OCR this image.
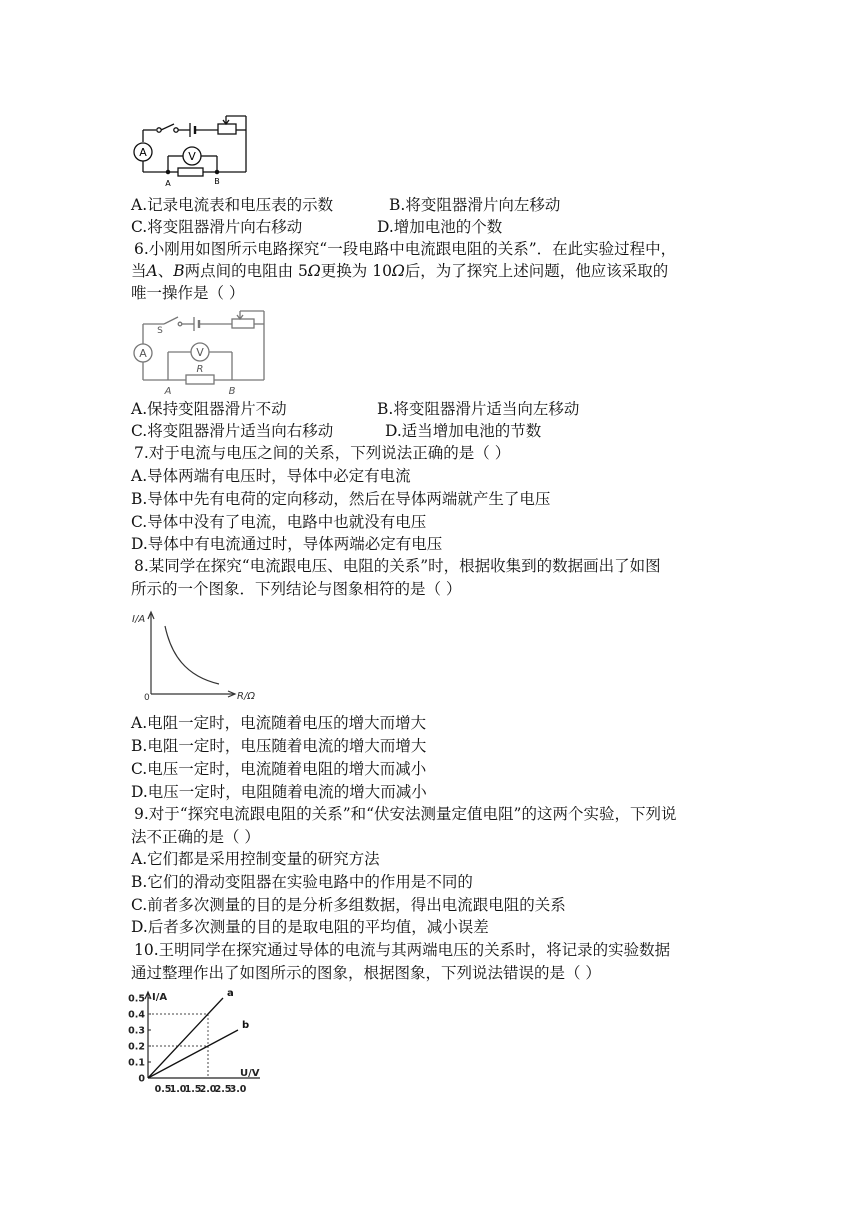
A	V
A	B
A.记录电流表和电压表的示数	B.将变阻器滑片向左移动
C.将变阻器滑片向右移动	D.增加电池的个数
6.小刚用如图所示电路探究“一段电路中电流跟电阻的关系”．在此实验过程中，
当A、B两点间的电阻由 5Ω更换为 10Ω后，为了探究上述问题，他应该采取的
唯一操作是（ ）
A	V
S
R
A	B
A.保持变阻器滑片不动	B.将变阻器滑片适当向左移动
C.将变阻器滑片适当向右移动	D.适当增加电池的节数
7.对于电流与电压之间的关系，下列说法正确的是（ ）
A.导体两端有电压时，导体中必定有电流
B.导体中先有电荷的定向移动，然后在导体两端就产生了电压
C.导体中没有了电流，电路中也就没有电压
D.导体中有电流通过时，导体两端必定有电压
8.某同学在探究“电流跟电压、电阻的关系”时，根据收集到的数据画出了如图
所示的一个图象．下列结论与图象相符的是（ ）
I/A
R/Ω
0
A.电阻一定时，电流随着电压的增大而增大
B.电阻一定时，电压随着电流的增大而增大
C.电压一定时，电流随着电阻的增大而减小
D.电压一定时，电阻随着电流的增大而减小
9.对于“探究电流跟电阻的关系”和“伏安法测量定值电阻”的这两个实验，下列说
法不正确的是（ ）
A.它们都是采用控制变量的研究方法
B.它们的滑动变阻器在实验电路中的作用是不同的
C.前者多次测量的目的是分析多组数据，得出电流跟电阻的关系
D.后者多次测量的目的是取电阻的平均值，减小误差
10.王明同学在探究通过导体的电流与其两端电压的关系时，将记录的实验数据
通过整理作出了如图所示的图象，根据图象，下列说法错误的是（ ）
0
0.1
0.2
0.3
0.4
0.5
0.5
1.0
1.5
2.0
2.5
3.0
a
b
I/A
U/V
